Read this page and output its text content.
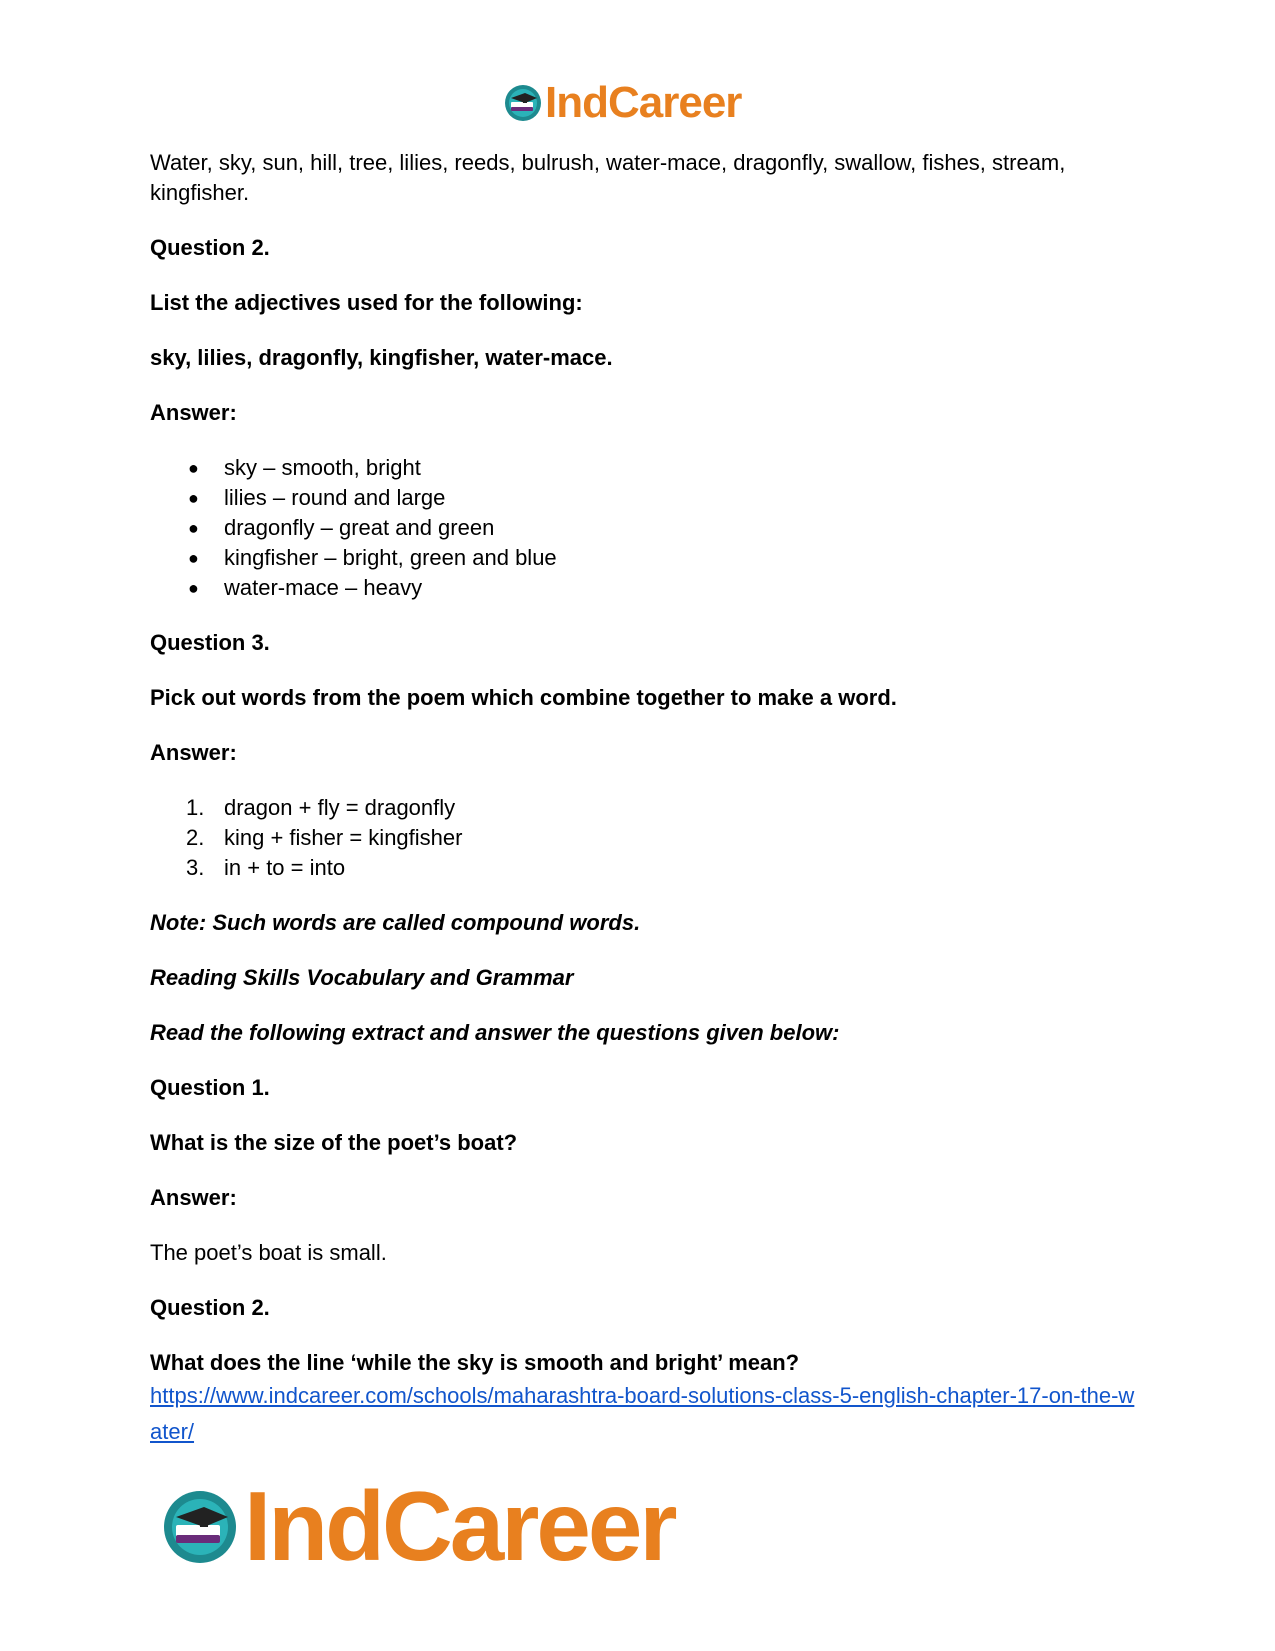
IndCareer

Water, sky, sun, hill, tree, lilies, reeds, bulrush, water-mace, dragonfly, swallow, fishes, stream, kingfisher.

Question 2.

List the adjectives used for the following:

sky, lilies, dragonfly, kingfisher, water-mace.

Answer:

● sky – smooth, bright
● lilies – round and large
● dragonfly – great and green
● kingfisher – bright, green and blue
● water-mace – heavy

Question 3.

Pick out words from the poem which combine together to make a word.

Answer:

1. dragon + fly = dragonfly
2. king + fisher = kingfisher
3. in + to = into

Note: Such words are called compound words.

Reading Skills Vocabulary and Grammar

Read the following extract and answer the questions given below:

Question 1.

What is the size of the poet’s boat?

Answer:

The poet’s boat is small.

Question 2.

What does the line ‘while the sky is smooth and bright’ mean?

https://www.indcareer.com/schools/maharashtra-board-solutions-class-5-english-chapter-17-on-the-water/
IndCareer
